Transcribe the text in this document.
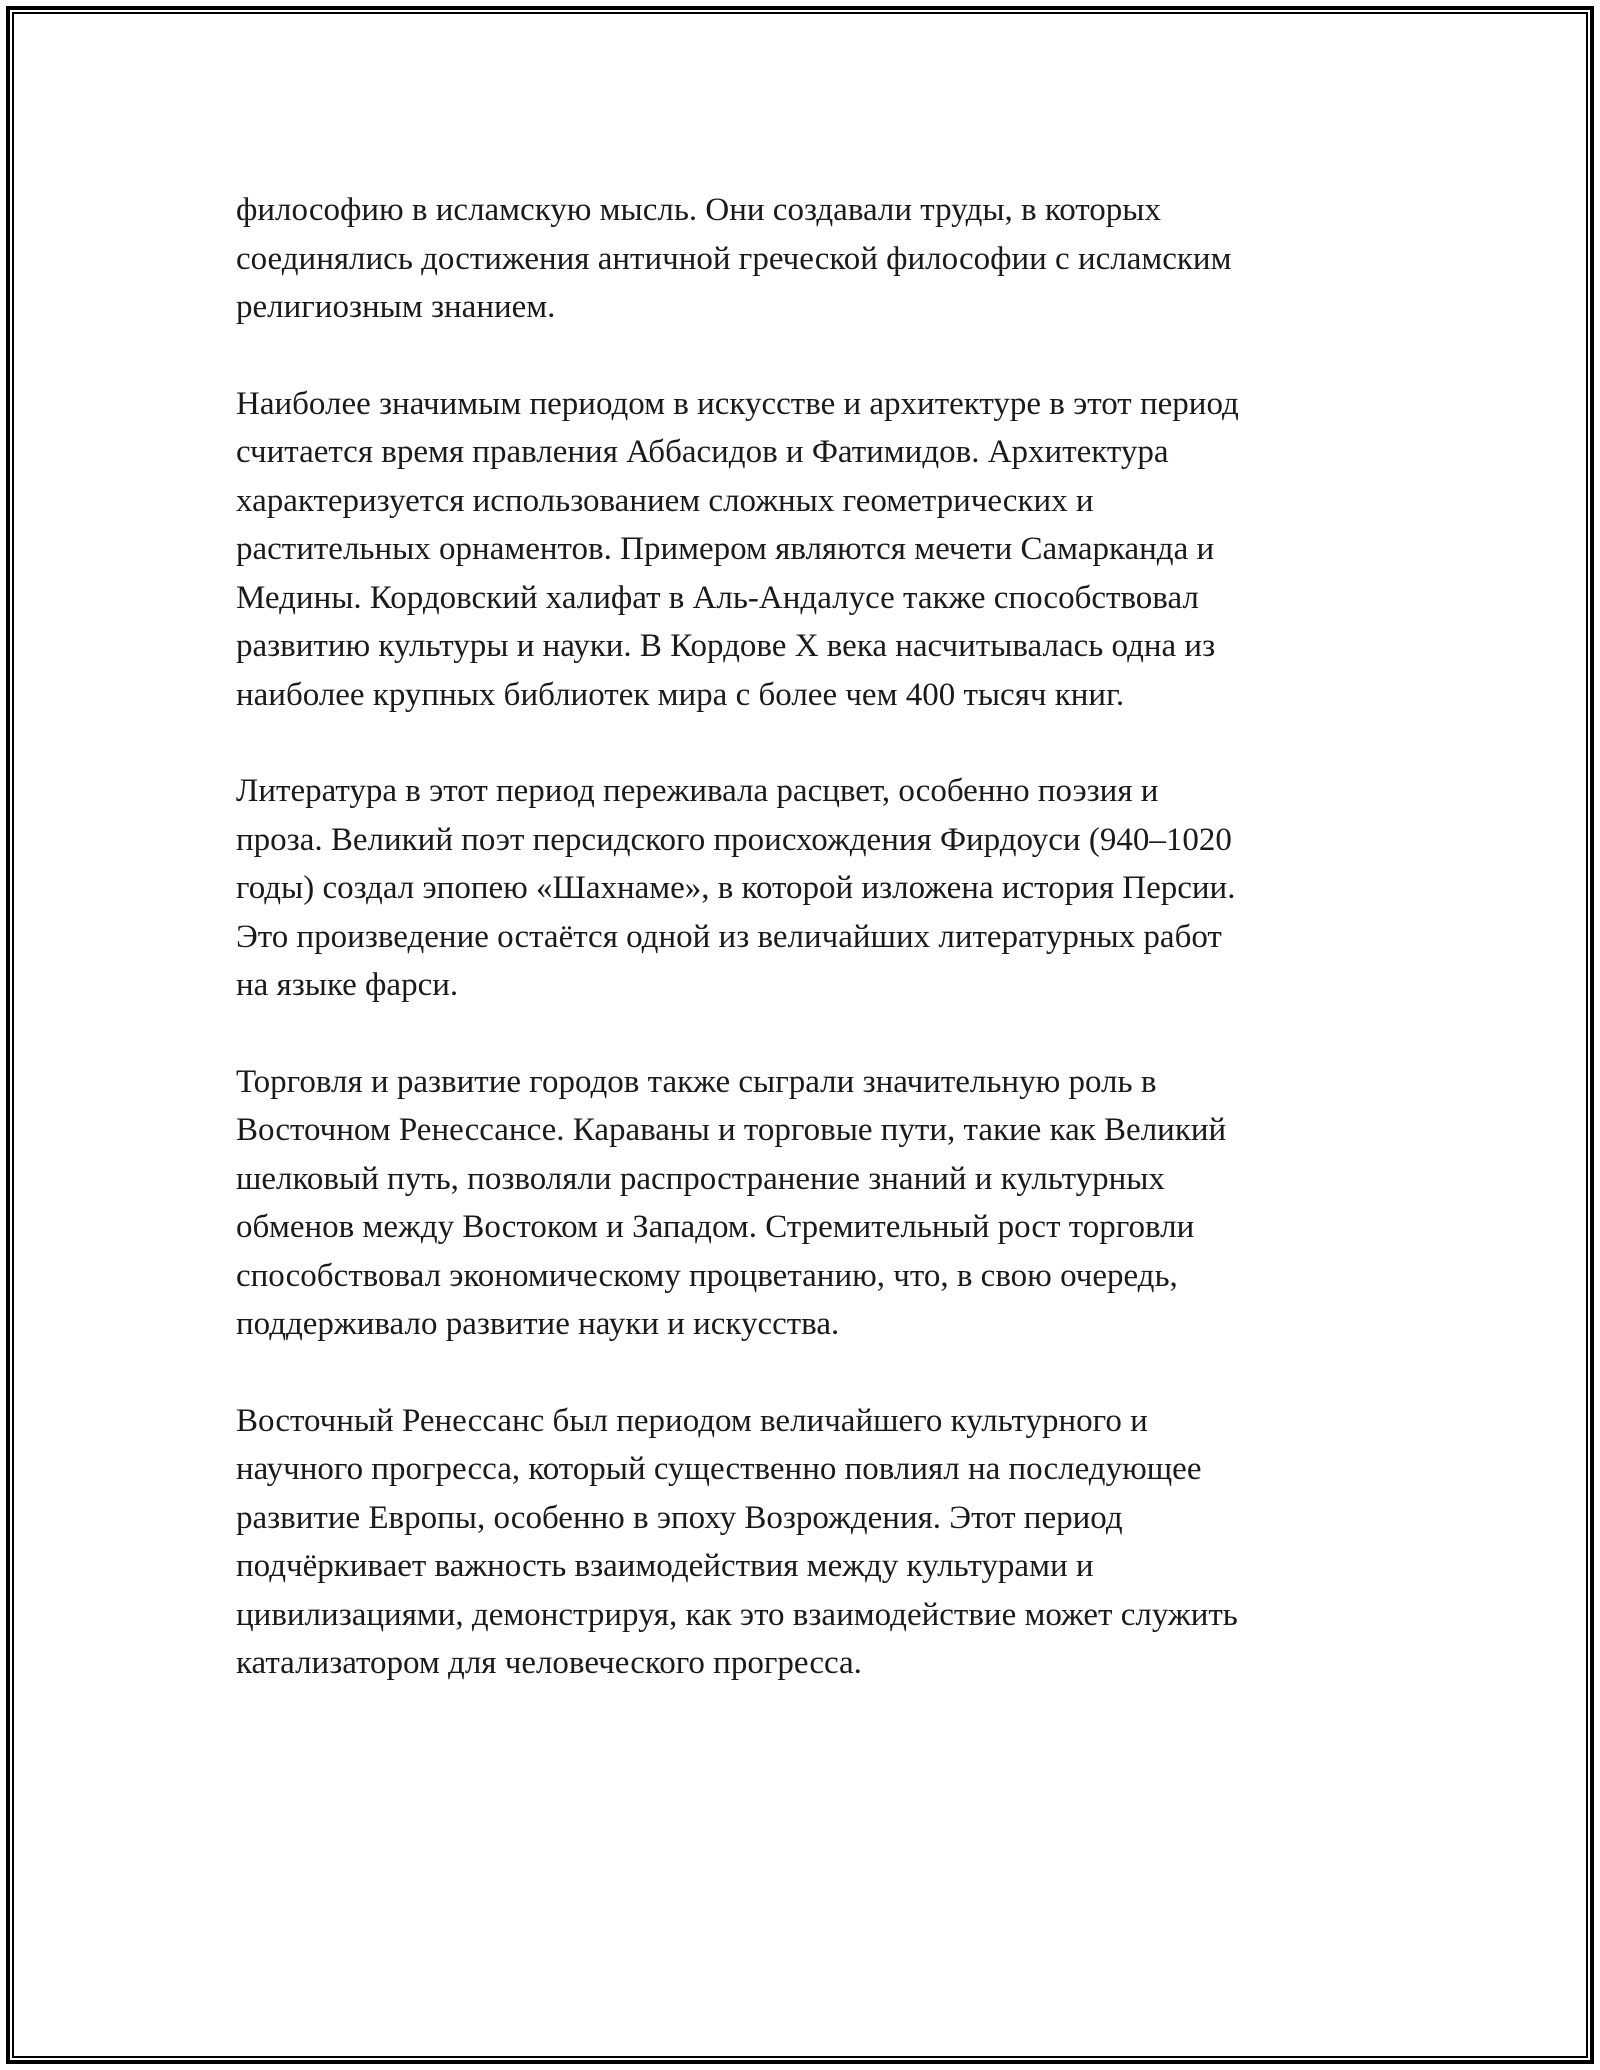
философию в исламскую мысль. Они создавали труды, в которых
соединялись достижения античной греческой философии с исламским
религиозным знанием.

Наиболее значимым периодом в искусстве и архитектуре в этот период
считается время правления Аббасидов и Фатимидов. Архитектура
характеризуется использованием сложных геометрических и
растительных орнаментов. Примером являются мечети Самарканда и
Медины. Кордовский халифат в Аль-Андалусе также способствовал
развитию культуры и науки. В Кордове X века насчитывалась одна из
наиболее крупных библиотек мира с более чем 400 тысяч книг.

Литература в этот период переживала расцвет, особенно поэзия и
проза. Великий поэт персидского происхождения Фирдоуси (940–1020
годы) создал эпопею «Шахнаме», в которой изложена история Персии.
Это произведение остаётся одной из величайших литературных работ
на языке фарси.

Торговля и развитие городов также сыграли значительную роль в
Восточном Ренессансе. Караваны и торговые пути, такие как Великий
шелковый путь, позволяли распространение знаний и культурных
обменов между Востоком и Западом. Стремительный рост торговли
способствовал экономическому процветанию, что, в свою очередь,
поддерживало развитие науки и искусства.

Восточный Ренессанс был периодом величайшего культурного и
научного прогресса, который существенно повлиял на последующее
развитие Европы, особенно в эпоху Возрождения. Этот период
подчёркивает важность взаимодействия между культурами и
цивилизациями, демонстрируя, как это взаимодействие может служить
катализатором для человеческого прогресса.
